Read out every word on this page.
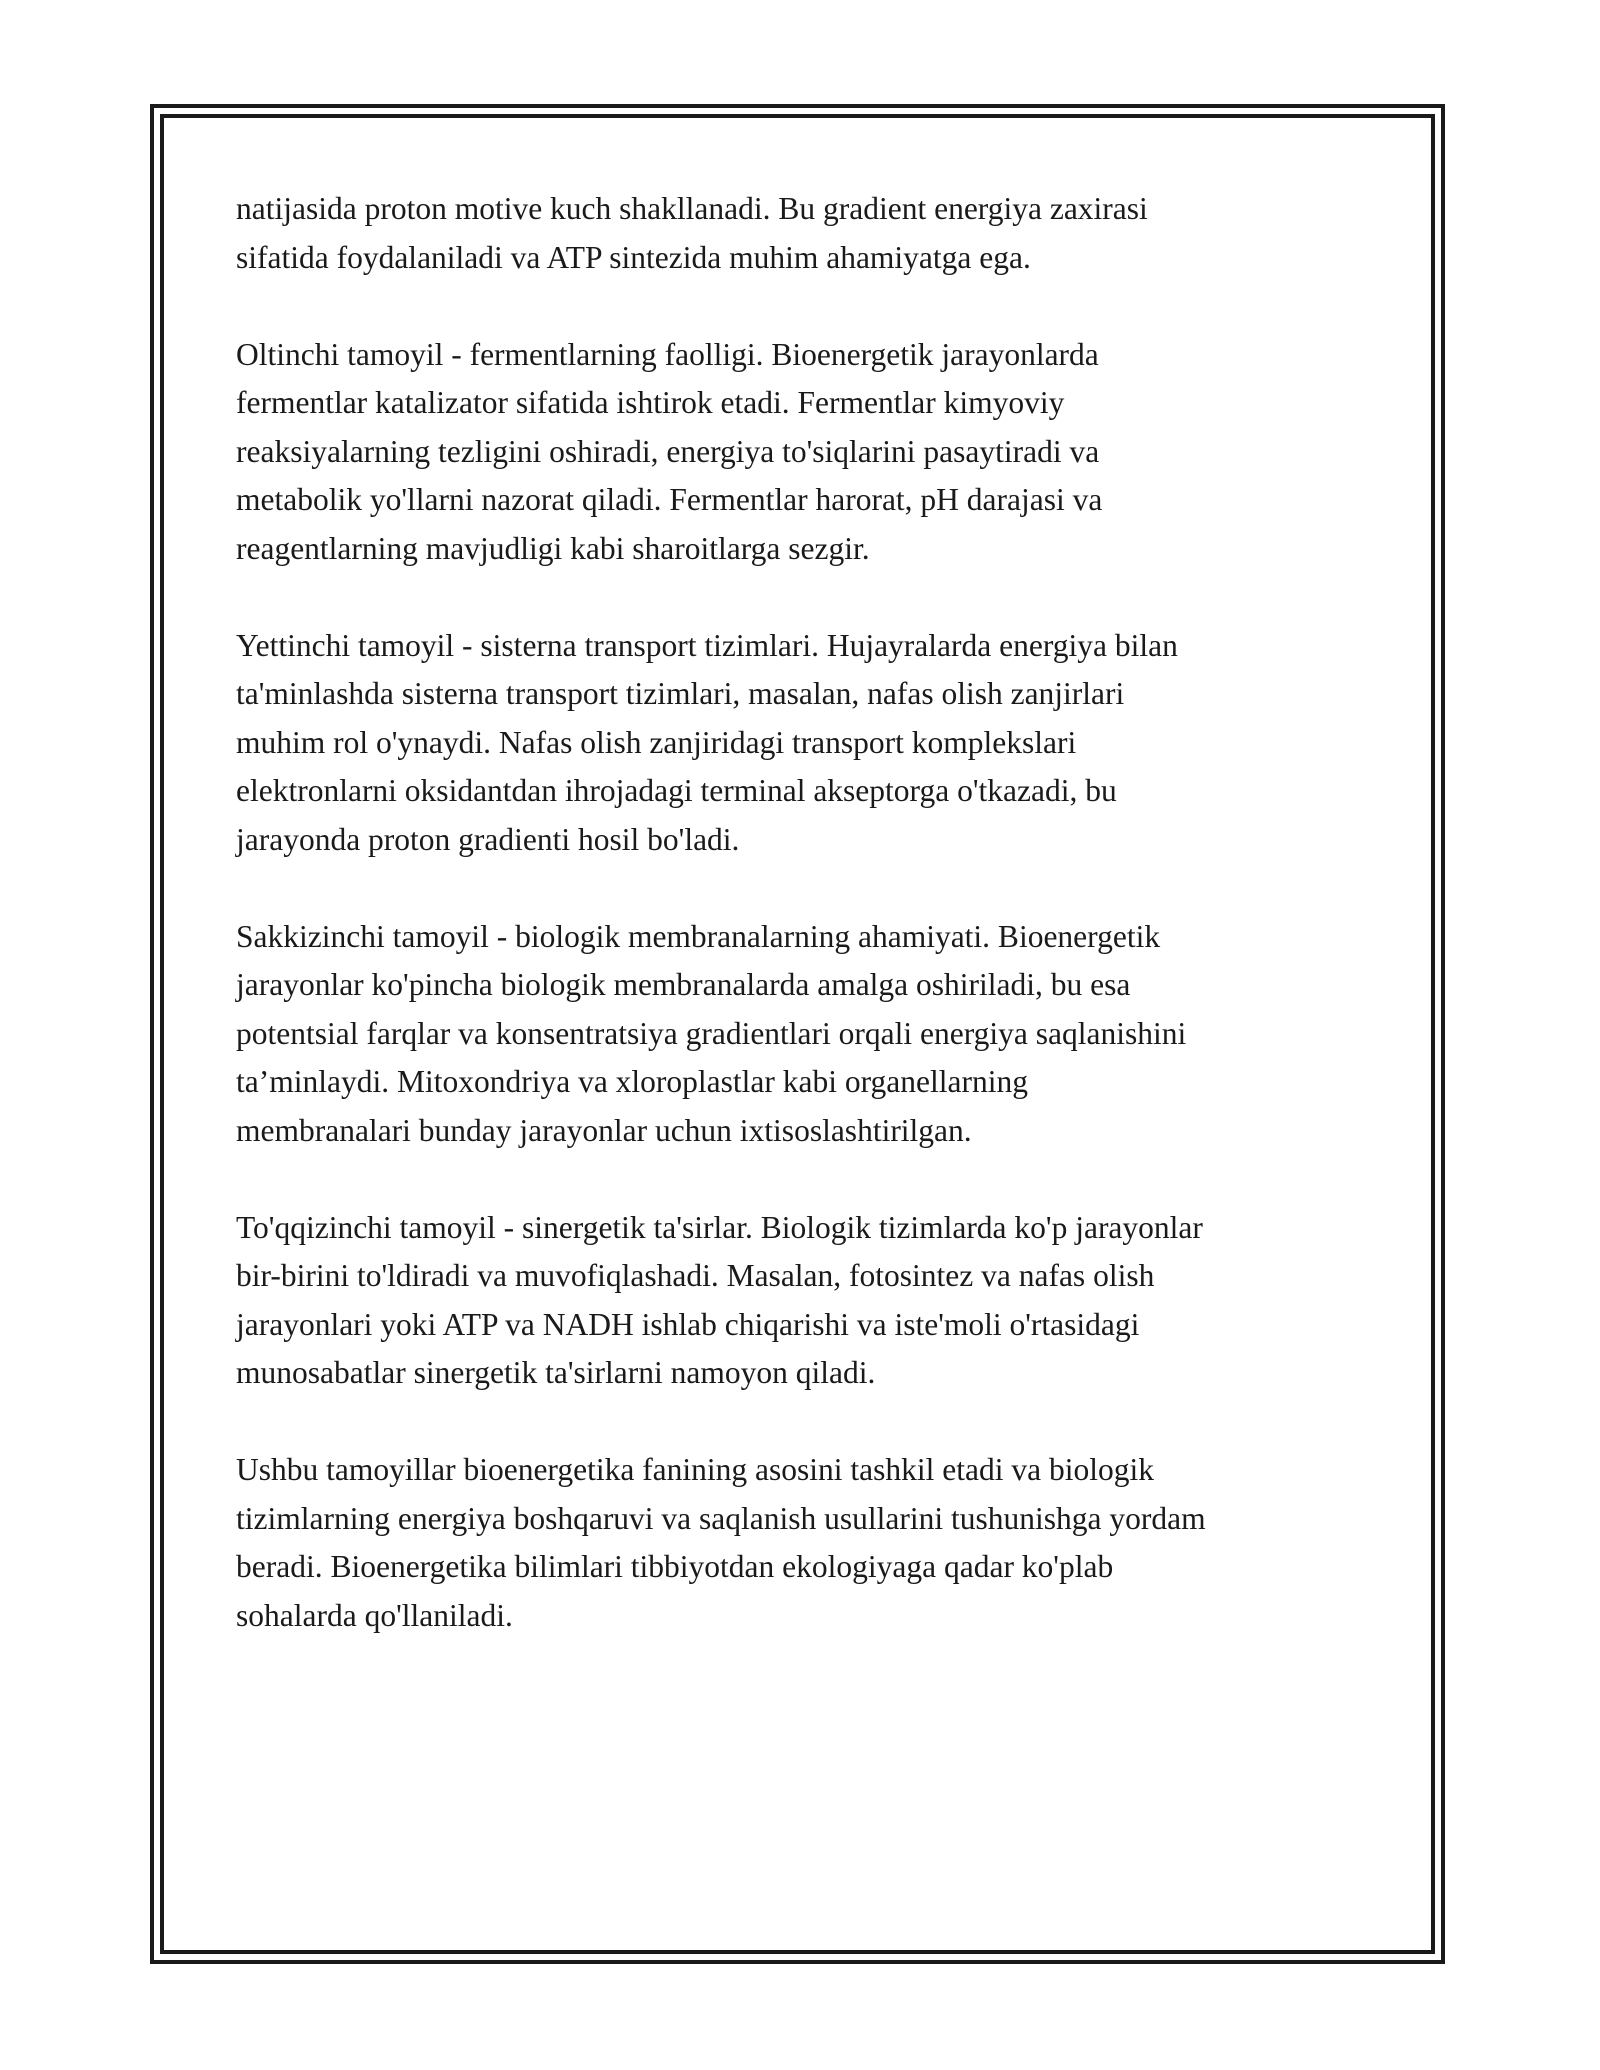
natijasida proton motive kuch shakllanadi. Bu gradient energiya zaxirasi
sifatida foydalaniladi va ATP sintezida muhim ahamiyatga ega.

Oltinchi tamoyil - fermentlarning faolligi. Bioenergetik jarayonlarda
fermentlar katalizator sifatida ishtirok etadi. Fermentlar kimyoviy
reaksiyalarning tezligini oshiradi, energiya to'siqlarini pasaytiradi va
metabolik yo'llarni nazorat qiladi. Fermentlar harorat, pH darajasi va
reagentlarning mavjudligi kabi sharoitlarga sezgir.

Yettinchi tamoyil - sisterna transport tizimlari. Hujayralarda energiya bilan
ta'minlashda sisterna transport tizimlari, masalan, nafas olish zanjirlari
muhim rol o'ynaydi. Nafas olish zanjiridagi transport komplekslari
elektronlarni oksidantdan ihrojadagi terminal akseptorga o'tkazadi, bu
jarayonda proton gradienti hosil bo'ladi.

Sakkizinchi tamoyil - biologik membranalarning ahamiyati. Bioenergetik
jarayonlar ko'pincha biologik membranalarda amalga oshiriladi, bu esa
potentsial farqlar va konsentratsiya gradientlari orqali energiya saqlanishini
ta’minlaydi. Mitoxondriya va xloroplastlar kabi organellarning
membranalari bunday jarayonlar uchun ixtisoslashtirilgan.

To'qqizinchi tamoyil - sinergetik ta'sirlar. Biologik tizimlarda ko'p jarayonlar
bir-birini to'ldiradi va muvofiqlashadi. Masalan, fotosintez va nafas olish
jarayonlari yoki ATP va NADH ishlab chiqarishi va iste'moli o'rtasidagi
munosabatlar sinergetik ta'sirlarni namoyon qiladi.

Ushbu tamoyillar bioenergetika fanining asosini tashkil etadi va biologik
tizimlarning energiya boshqaruvi va saqlanish usullarini tushunishga yordam
beradi. Bioenergetika bilimlari tibbiyotdan ekologiyaga qadar ko'plab
sohalarda qo'llaniladi.
